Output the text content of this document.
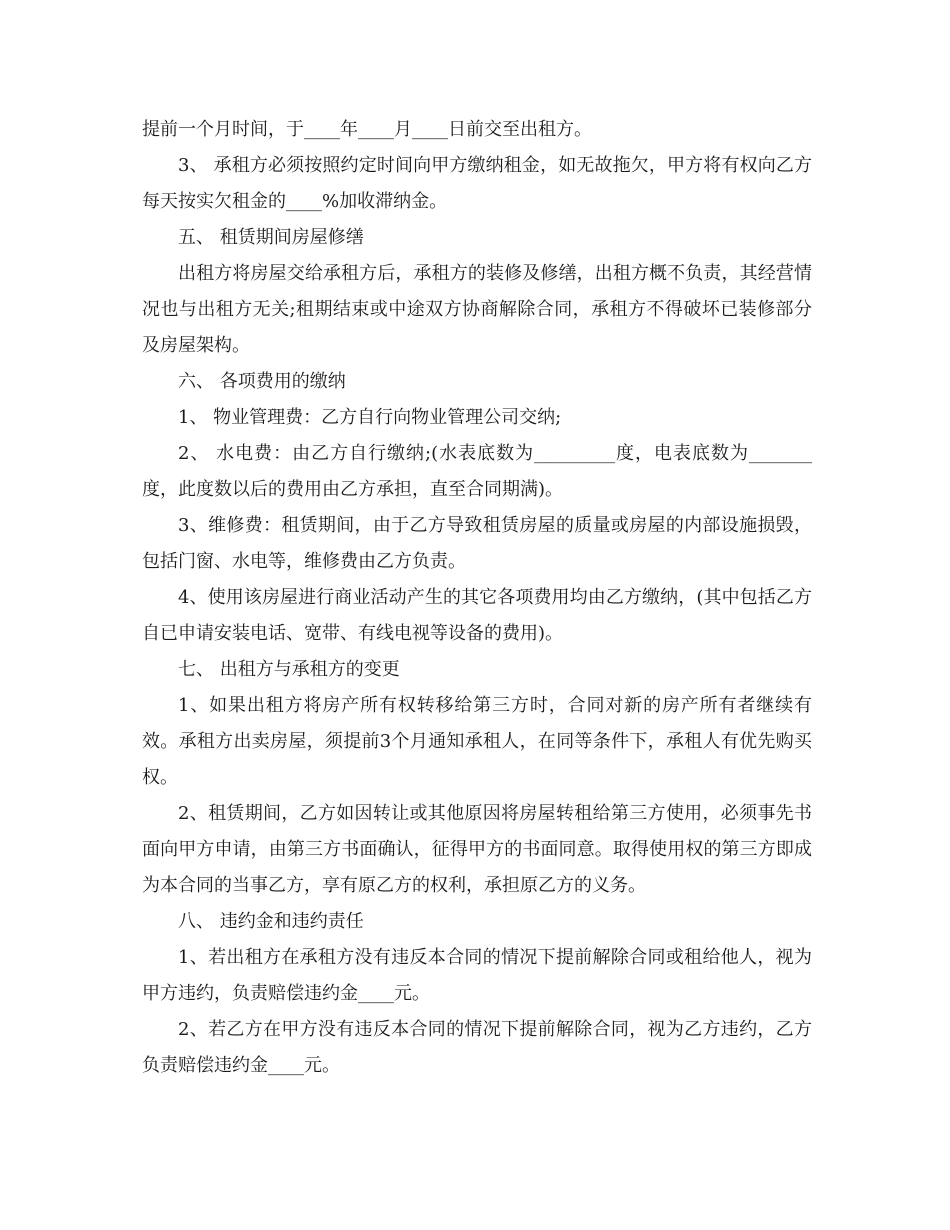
提前一个月时间，于____年____月____日前交至出租方。

3、 承租方必须按照约定时间向甲方缴纳租金，如无故拖欠，甲方将有权向乙方每天按实欠租金的____%加收滞纳金。

五、 租赁期间房屋修缮

出租方将房屋交给承租方后，承租方的装修及修缮，出租方概不负责，其经营情况也与出租方无关;租期结束或中途双方协商解除合同，承租方不得破坏已装修部分及房屋架构。

六、 各项费用的缴纳

1、 物业管理费：乙方自行向物业管理公司交纳;

2、 水电费：由乙方自行缴纳;(水表底数为_________度，电表底数为_______度，此度数以后的费用由乙方承担，直至合同期满)。

3、维修费：租赁期间，由于乙方导致租赁房屋的质量或房屋的内部设施损毁，包括门窗、水电等，维修费由乙方负责。

4、使用该房屋进行商业活动产生的其它各项费用均由乙方缴纳，(其中包括乙方自已申请安装电话、宽带、有线电视等设备的费用)。

七、 出租方与承租方的变更

1、如果出租方将房产所有权转移给第三方时，合同对新的房产所有者继续有效。承租方出卖房屋，须提前3个月通知承租人，在同等条件下，承租人有优先购买权。

2、租赁期间，乙方如因转让或其他原因将房屋转租给第三方使用，必须事先书面向甲方申请，由第三方书面确认，征得甲方的书面同意。取得使用权的第三方即成为本合同的当事乙方，享有原乙方的权利，承担原乙方的义务。

八、 违约金和违约责任

1、若出租方在承租方没有违反本合同的情况下提前解除合同或租给他人，视为甲方违约，负责赔偿违约金____元。

2、若乙方在甲方没有违反本合同的情况下提前解除合同，视为乙方违约，乙方负责赔偿违约金____元。
